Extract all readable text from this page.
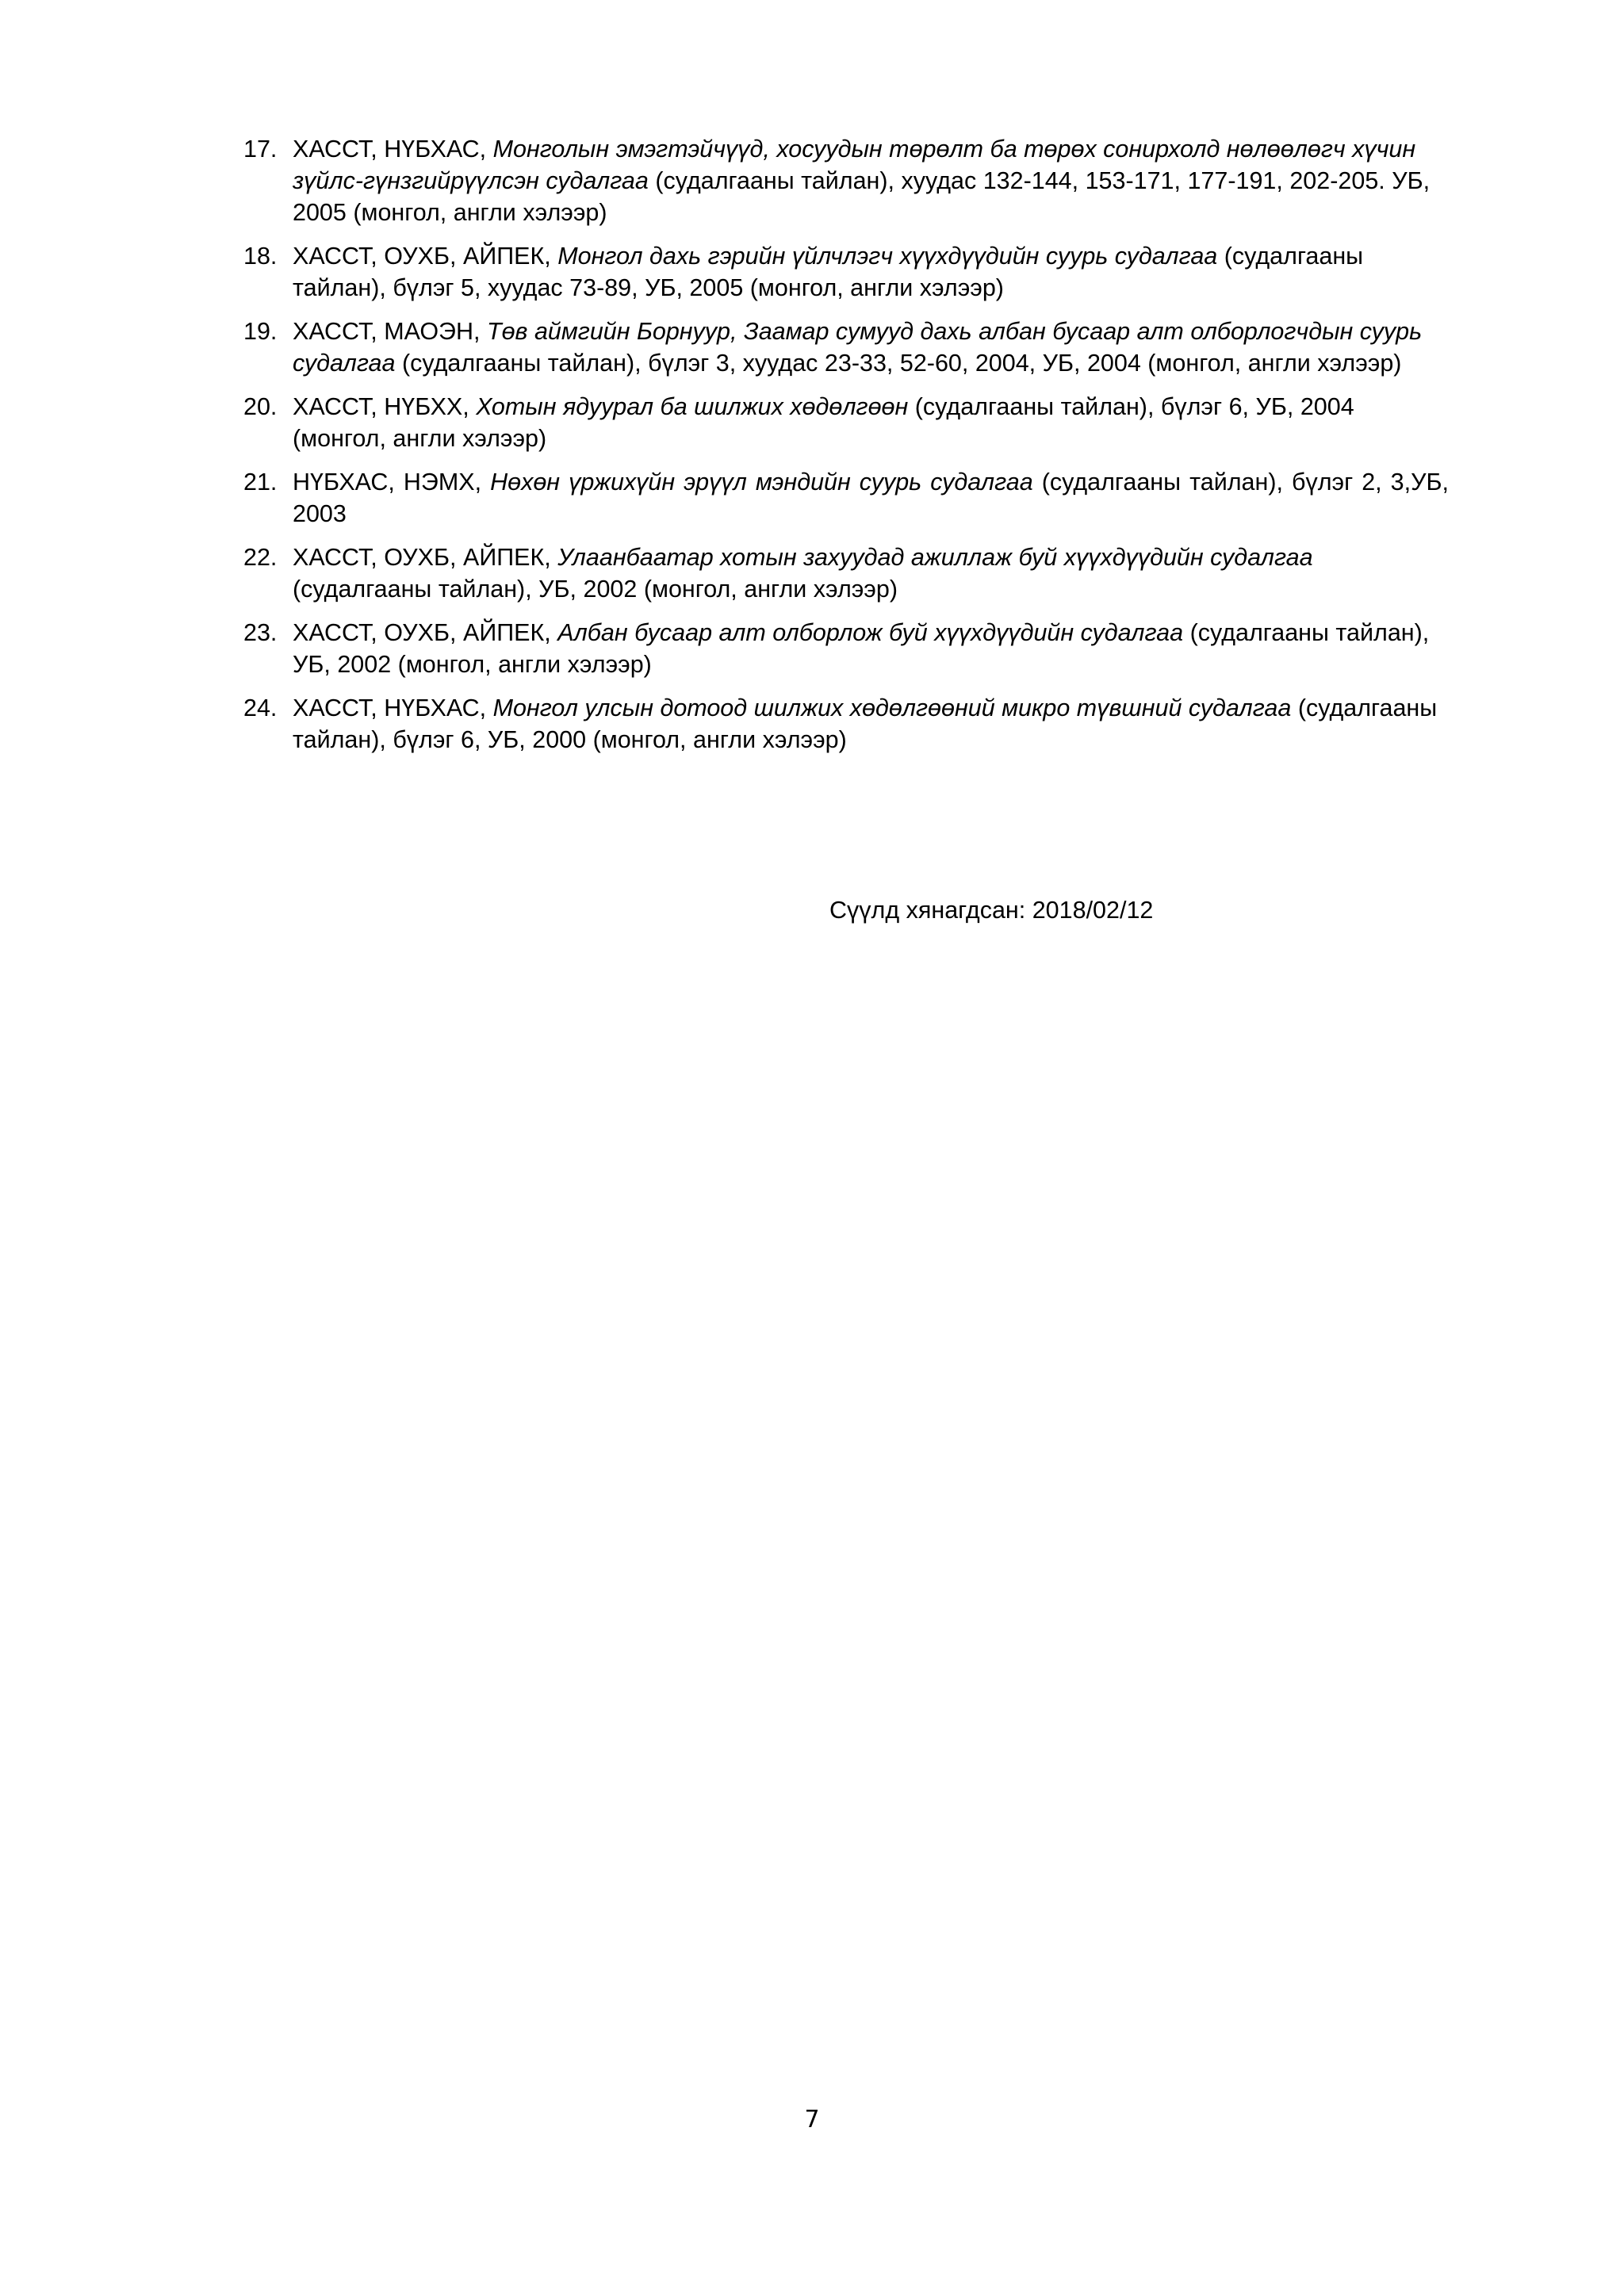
17. ХАССТ, НҮБХАС, Монголын эмэгтэйчүүд, хосуудын төрөлт ба төрөх сонирхолд нөлөөлөгч хүчин зүйлс-гүнзгийрүүлсэн судалгаа (судалгааны тайлан), хуудас 132-144, 153-171, 177-191, 202-205. УБ, 2005 (монгол, англи хэлээр)
18. ХАССТ, ОУХБ, АЙПЕК, Монгол дахь гэрийн үйлчлэгч хүүхдүүдийн суурь судалгаа (судалгааны тайлан), бүлэг 5, хуудас 73-89, УБ, 2005 (монгол, англи хэлээр)
19. ХАССТ, МАОЭН, Төв аймгийн Борнуур, Заамар сумууд дахь албан бусаар алт олборлогчдын суурь судалгаа (судалгааны тайлан), бүлэг 3, хуудас 23-33, 52-60, 2004, УБ, 2004 (монгол, англи хэлээр)
20. ХАССТ, НҮБХХ, Хотын ядуурал ба шилжих хөдөлгөөн (судалгааны тайлан), бүлэг 6, УБ, 2004 (монгол, англи хэлээр)
21. НҮБХАС, НЭМХ, Нөхөн үржихүйн эрүүл мэндийн суурь судалгаа (судалгааны тайлан), бүлэг 2, 3,УБ, 2003
22. ХАССТ, ОУХБ, АЙПЕК, Улаанбаатар хотын захуудад ажиллаж буй хүүхдүүдийн судалгаа (судалгааны тайлан), УБ, 2002 (монгол, англи хэлээр)
23. ХАССТ, ОУХБ, АЙПЕК, Албан бусаар алт олборлож буй хүүхдүүдийн судалгаа (судалгааны тайлан), УБ, 2002 (монгол, англи хэлээр)
24. ХАССТ, НҮБХАС, Монгол улсын дотоод шилжих хөдөлгөөний микро түвшний судалгаа (судалгааны тайлан), бүлэг 6, УБ, 2000 (монгол, англи хэлээр)
Сүүлд хянагдсан: 2018/02/12
7
